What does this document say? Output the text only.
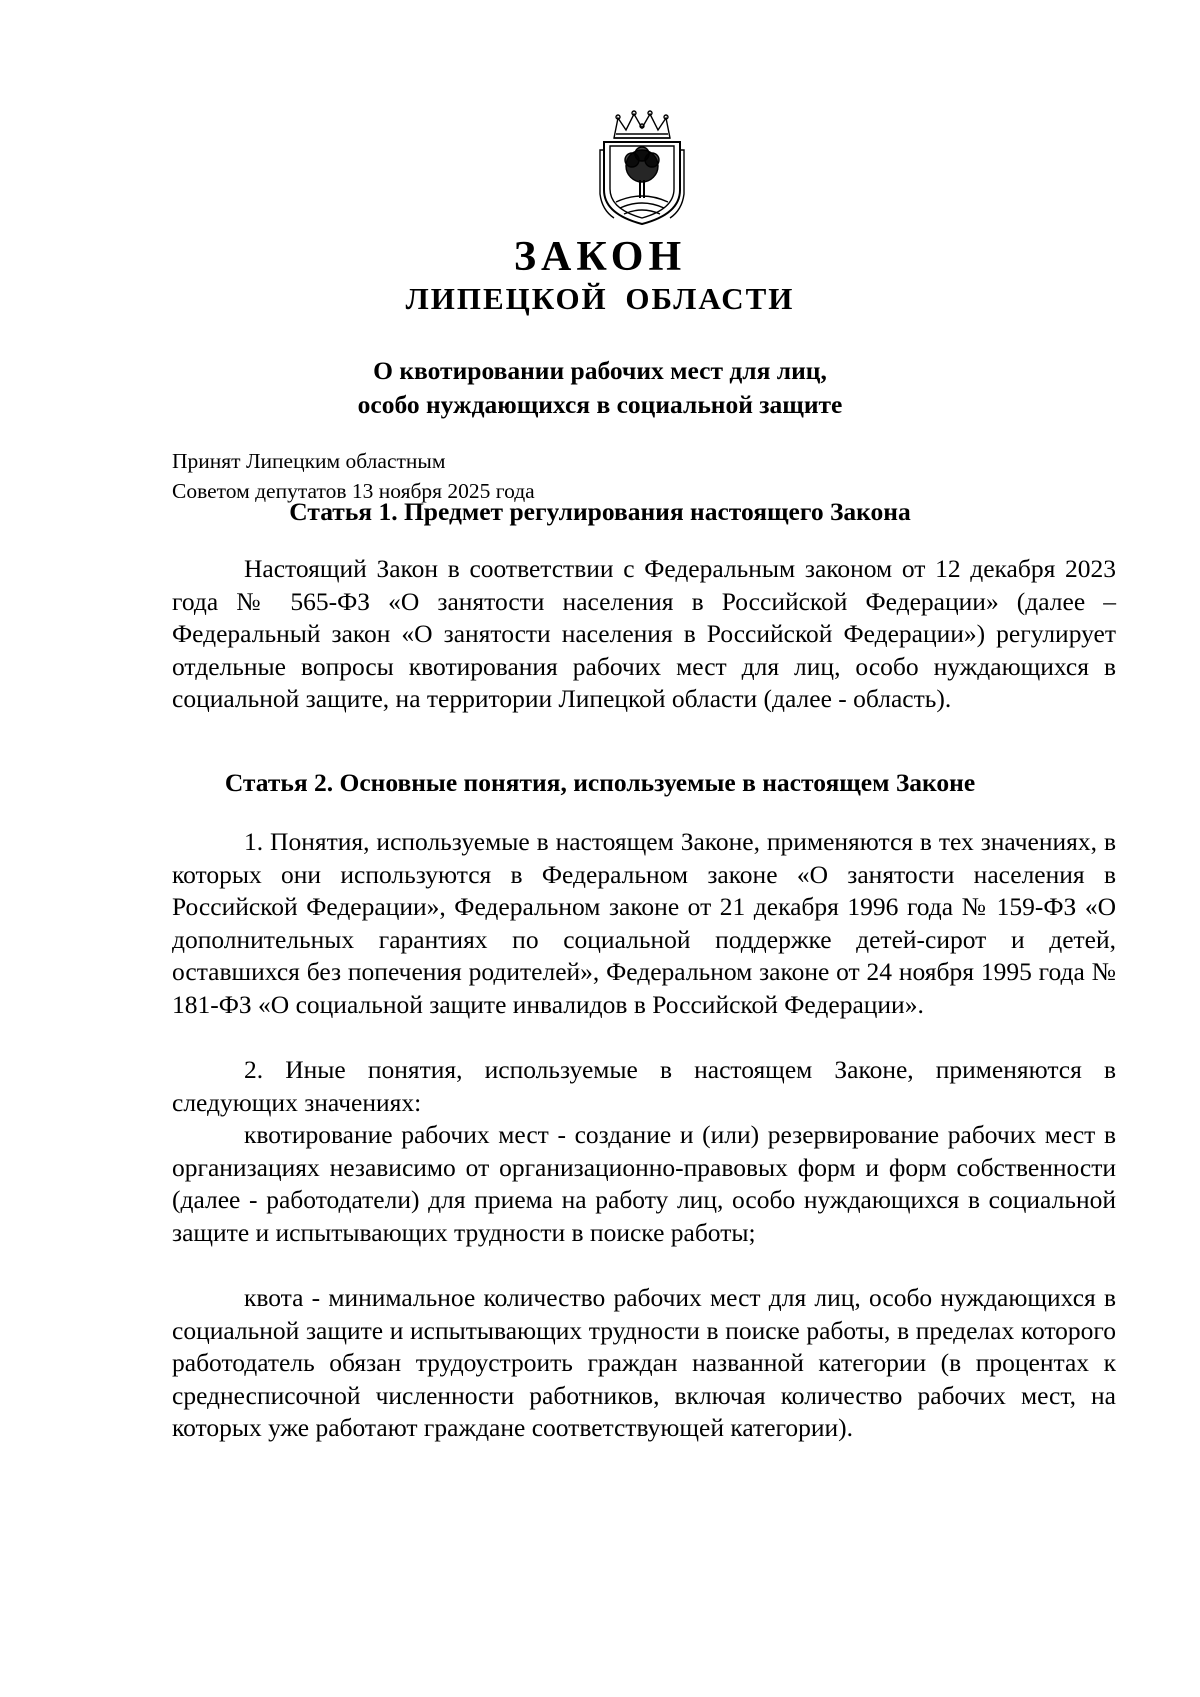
ЗАКОН
ЛИПЕЦКОЙ ОБЛАСТИ
О квотировании рабочих мест для лиц,
особо нуждающихся в социальной защите
Принят Липецким областным
Советом депутатов 13 ноября 2025 года
Статья 1. Предмет регулирования настоящего Закона
Настоящий Закон в соответствии с Федеральным законом от 12 декабря 2023 года № 565-ФЗ «О занятости населения в Российской Федерации» (далее – Федеральный закон «О занятости населения в Российской Федерации») регулирует отдельные вопросы квотирования рабочих мест для лиц, особо нуждающихся в социальной защите, на территории Липецкой области (далее - область).
Статья 2. Основные понятия, используемые в настоящем Законе
1. Понятия, используемые в настоящем Законе, применяются в тех значениях, в которых они используются в Федеральном законе «О занятости населения в Российской Федерации», Федеральном законе от 21 декабря 1996 года № 159-ФЗ «О дополнительных гарантиях по социальной поддержке детей-сирот и детей, оставшихся без попечения родителей», Федеральном законе от 24 ноября 1995 года № 181-ФЗ «О социальной защите инвалидов в Российской Федерации».
2. Иные понятия, используемые в настоящем Законе, применяются в следующих значениях:
квотирование рабочих мест - создание и (или) резервирование рабочих мест в организациях независимо от организационно-правовых форм и форм собственности (далее - работодатели) для приема на работу лиц, особо нуждающихся в социальной защите и испытывающих трудности в поиске работы;
квота - минимальное количество рабочих мест для лиц, особо нуждающихся в социальной защите и испытывающих трудности в поиске работы, в пределах которого работодатель обязан трудоустроить граждан названной категории (в процентах к среднесписочной численности работников, включая количество рабочих мест, на которых уже работают граждане соответствующей категории).
